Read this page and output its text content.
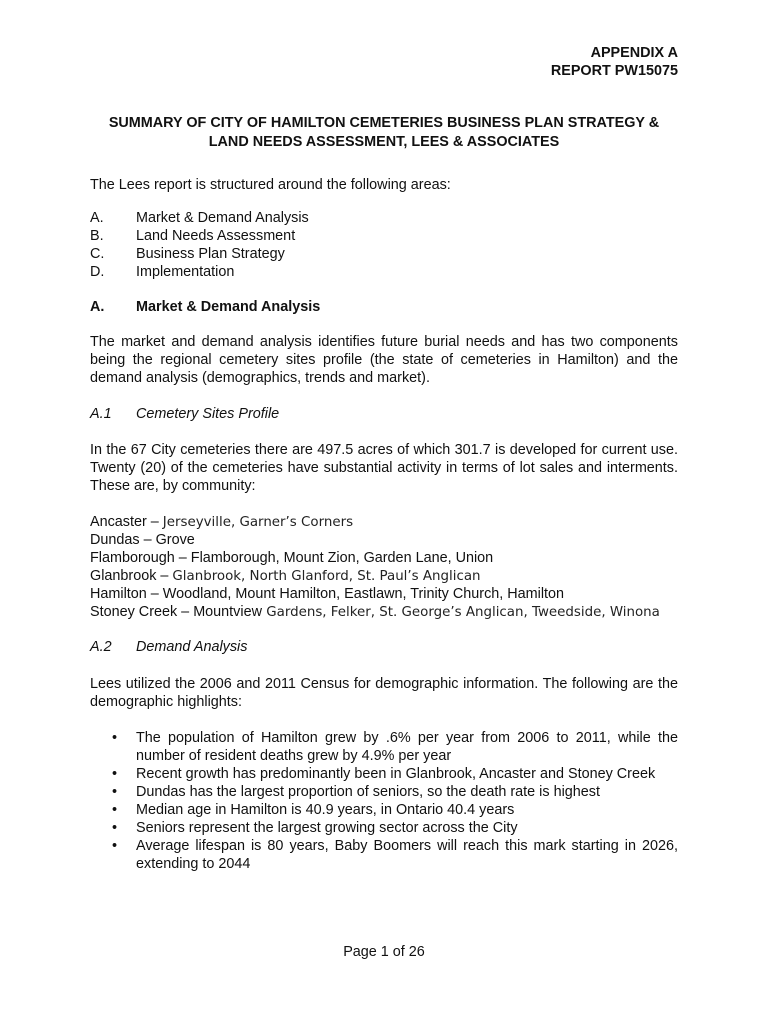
APPENDIX A
REPORT PW15075
SUMMARY OF CITY OF HAMILTON CEMETERIES BUSINESS PLAN STRATEGY &
LAND NEEDS ASSESSMENT, LEES & ASSOCIATES
The Lees report is structured around the following areas:
A. Market & Demand Analysis
B. Land Needs Assessment
C. Business Plan Strategy
D. Implementation
A. Market & Demand Analysis
The market and demand analysis identifies future burial needs and has two components being the regional cemetery sites profile (the state of cemeteries in Hamilton) and the demand analysis (demographics, trends and market).
A.1 Cemetery Sites Profile
In the 67 City cemeteries there are 497.5 acres of which 301.7 is developed for current use. Twenty (20) of the cemeteries have substantial activity in terms of lot sales and interments. These are, by community:
Ancaster – Jerseyville, Garner’s Corners
Dundas – Grove
Flamborough – Flamborough, Mount Zion, Garden Lane, Union
Glanbrook – Glanbrook, North Glanford, St. Paul’s Anglican
Hamilton – Woodland, Mount Hamilton, Eastlawn, Trinity Church, Hamilton
Stoney Creek – Mountview Gardens, Felker, St. George’s Anglican, Tweedside, Winona
A.2 Demand Analysis
Lees utilized the 2006 and 2011 Census for demographic information. The following are the demographic highlights:
• The population of Hamilton grew by .6% per year from 2006 to 2011, while the number of resident deaths grew by 4.9% per year
• Recent growth has predominantly been in Glanbrook, Ancaster and Stoney Creek
• Dundas has the largest proportion of seniors, so the death rate is highest
• Median age in Hamilton is 40.9 years, in Ontario 40.4 years
• Seniors represent the largest growing sector across the City
• Average lifespan is 80 years, Baby Boomers will reach this mark starting in 2026, extending to 2044
Page 1 of 26
